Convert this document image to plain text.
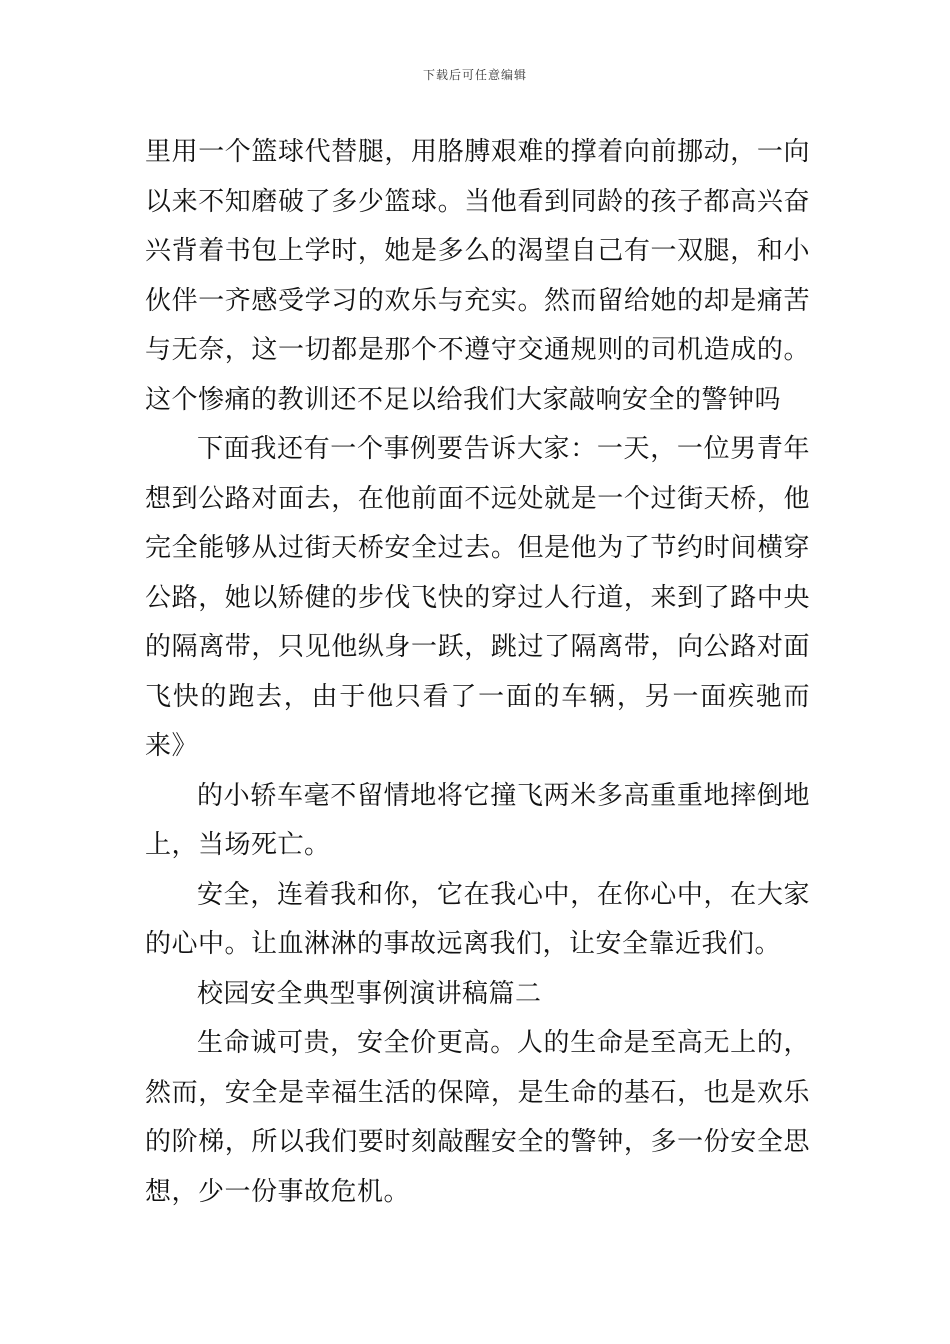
下载后可任意编辑

里用一个篮球代替腿，用胳膊艰难的撑着向前挪动，一向以来不知磨破了多少篮球。当他看到同龄的孩子都高兴奋兴背着书包上学时，她是多么的渴望自己有一双腿，和小伙伴一齐感受学习的欢乐与充实。然而留给她的却是痛苦与无奈，这一切都是那个不遵守交通规则的司机造成的。这个惨痛的教训还不足以给我们大家敲响安全的警钟吗

下面我还有一个事例要告诉大家：一天，一位男青年想到公路对面去，在他前面不远处就是一个过街天桥，他完全能够从过街天桥安全过去。但是他为了节约时间横穿公路，她以矫健的步伐飞快的穿过人行道，来到了路中央的隔离带，只见他纵身一跃，跳过了隔离带，向公路对面飞快的跑去，由于他只看了一面的车辆，另一面疾驰而来》

的小轿车毫不留情地将它撞飞两米多高重重地摔倒地上，当场死亡。

安全，连着我和你，它在我心中，在你心中，在大家的心中。让血淋淋的事故远离我们，让安全靠近我们。

校园安全典型事例演讲稿篇二

生命诚可贵，安全价更高。人的生命是至高无上的，然而，安全是幸福生活的保障，是生命的基石，也是欢乐的阶梯，所以我们要时刻敲醒安全的警钟，多一份安全思想，少一份事故危机。
